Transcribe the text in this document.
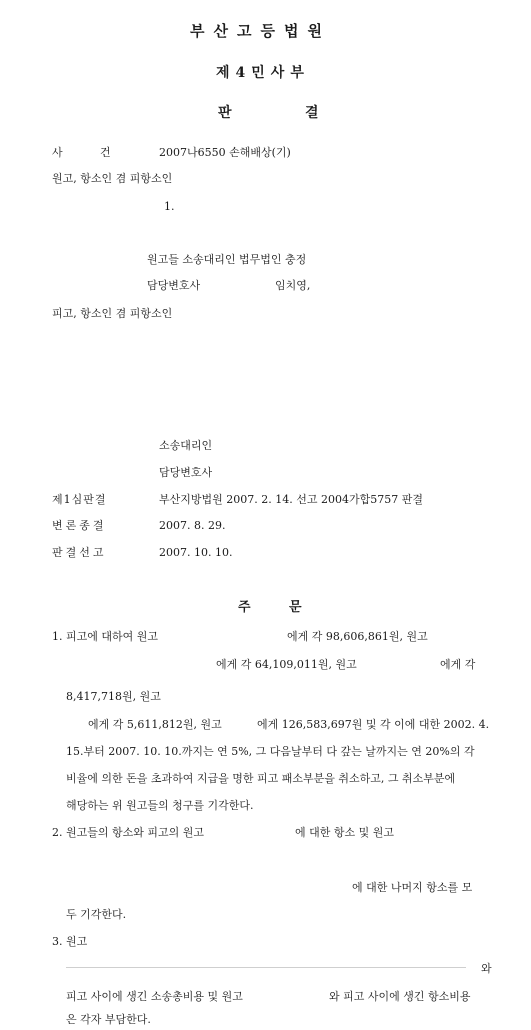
부산고등법원
제4민사부
판	결
사	건	2007나6550 손해배상(기)
원고, 항소인 겸 피항소인
1.
원고들 소송대리인 법무법인 충정
담당변호사	임치영,
피고, 항소인 겸 피항소인
소송대리인
담당변호사
제1심판결	부산지방법원 2007. 2. 14. 선고 2004가합5757 판결
변론종결	2007. 8. 29.
판결선고	2007. 10. 10.
주	문
1. 피고에 대하여 원고	에게 각 98,606,861원, 원고
에게 각 64,109,011원, 원고	에게 각
8,417,718원, 원고
에게 각 5,611,812원, 원고	에게 126,583,697원 및 각 이에 대한 2002. 4.
15.부터 2007. 10. 10.까지는 연 5%, 그 다음날부터 다 갚는 날까지는 연 20%의 각
비율에 의한 돈을 초과하여 지급을 명한 피고 패소부분을 취소하고, 그 취소부분에
해당하는 위 원고들의 청구를 기각한다.
2. 원고들의 항소와 피고의 원고	에 대한 항소 및 원고
에 대한 나머지 항소를 모
두 기각한다.
3. 원고
와
피고 사이에 생긴 소송총비용 및 원고	와 피고 사이에 생긴 항소비용
은 각자 부담한다.
